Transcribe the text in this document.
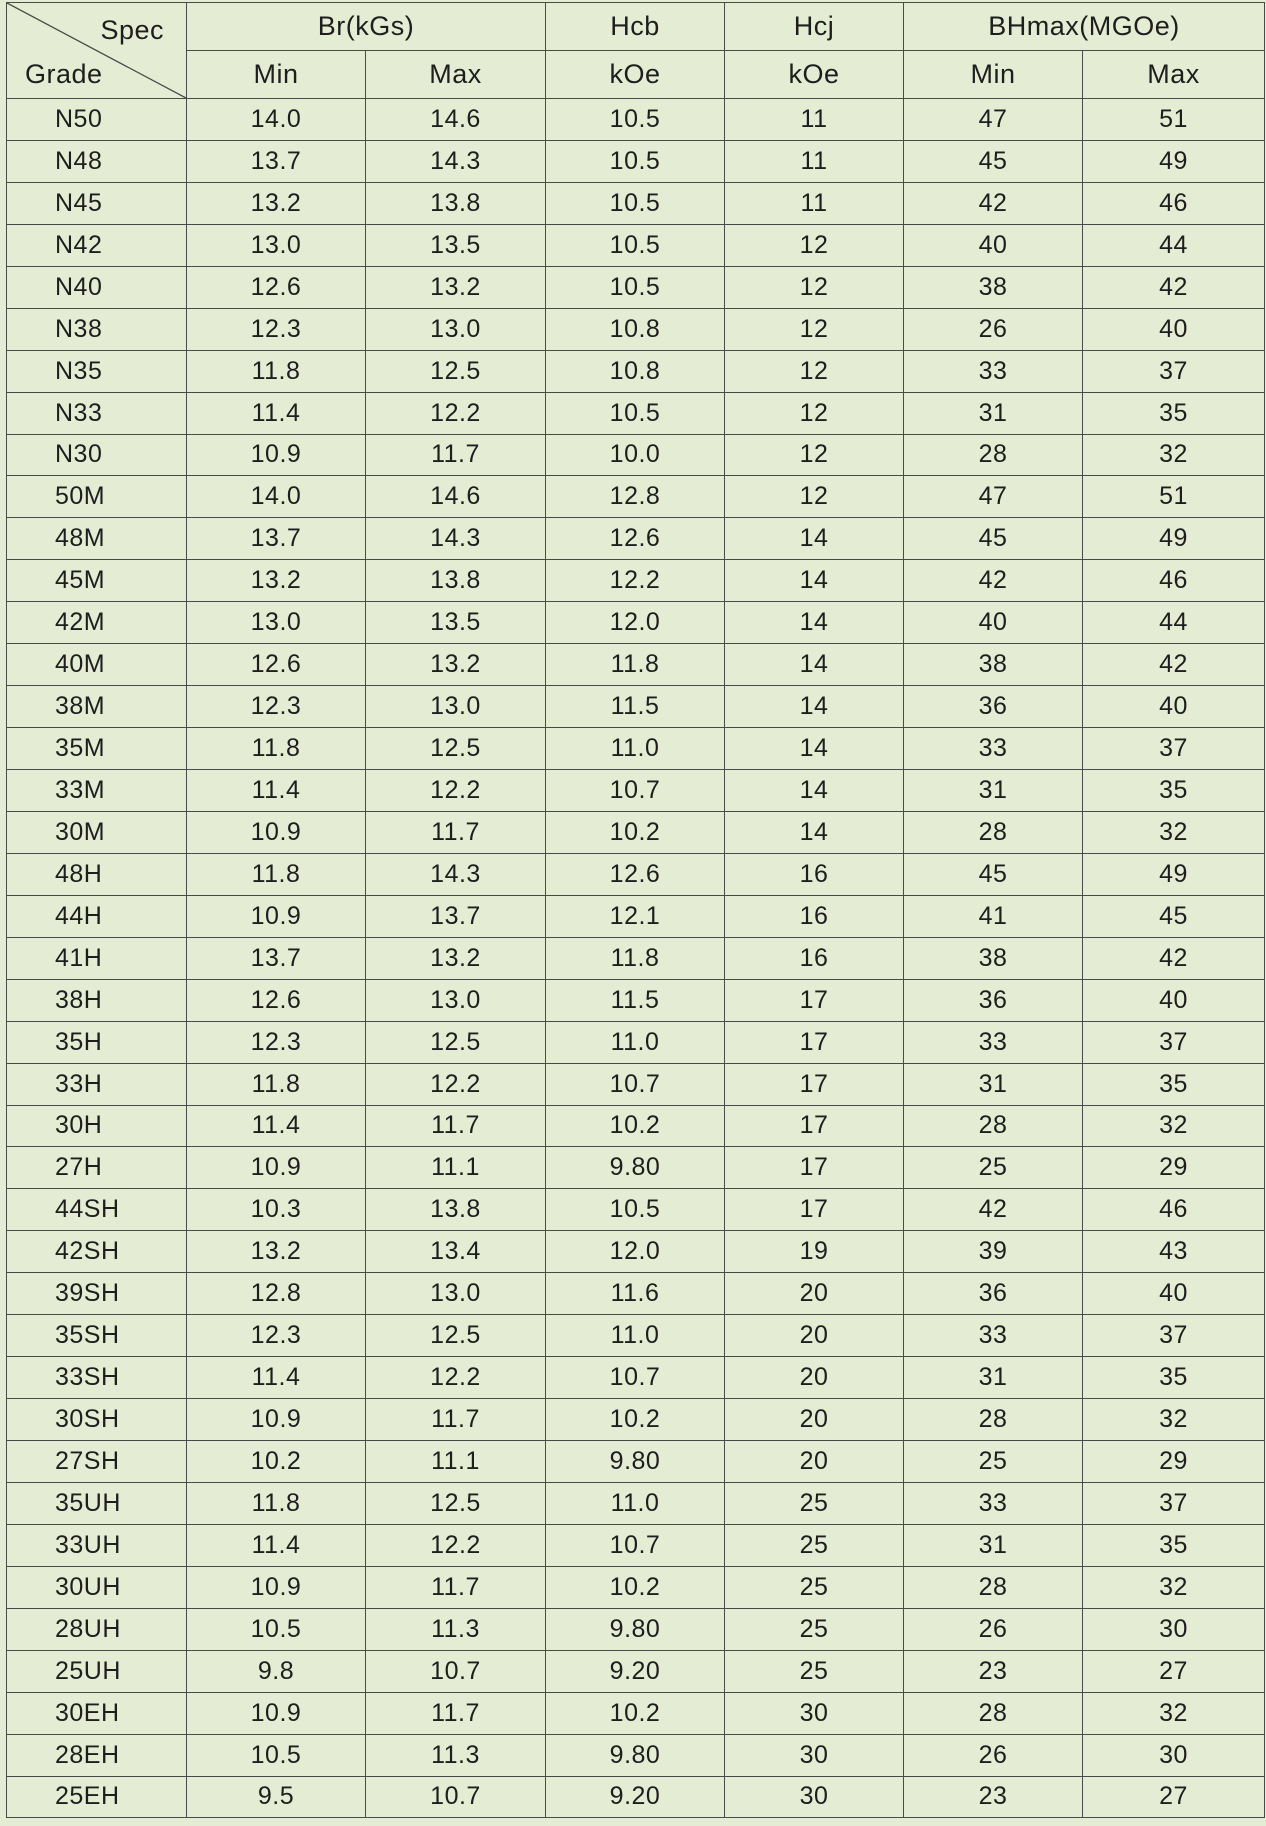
Spec
Grade	Br(kGs)		Hcb	Hcj	BHmax(MGOe)	
	Min	Max	kOe	kOe	Min	Max
N50	14.0	14.6	10.5	11	47	51
N48	13.7	14.3	10.5	11	45	49
N45	13.2	13.8	10.5	11	42	46
N42	13.0	13.5	10.5	12	40	44
N40	12.6	13.2	10.5	12	38	42
N38	12.3	13.0	10.8	12	26	40
N35	11.8	12.5	10.8	12	33	37
N33	11.4	12.2	10.5	12	31	35
N30	10.9	11.7	10.0	12	28	32
50M	14.0	14.6	12.8	12	47	51
48M	13.7	14.3	12.6	14	45	49
45M	13.2	13.8	12.2	14	42	46
42M	13.0	13.5	12.0	14	40	44
40M	12.6	13.2	11.8	14	38	42
38M	12.3	13.0	11.5	14	36	40
35M	11.8	12.5	11.0	14	33	37
33M	11.4	12.2	10.7	14	31	35
30M	10.9	11.7	10.2	14	28	32
48H	11.8	14.3	12.6	16	45	49
44H	10.9	13.7	12.1	16	41	45
41H	13.7	13.2	11.8	16	38	42
38H	12.6	13.0	11.5	17	36	40
35H	12.3	12.5	11.0	17	33	37
33H	11.8	12.2	10.7	17	31	35
30H	11.4	11.7	10.2	17	28	32
27H	10.9	11.1	9.80	17	25	29
44SH	10.3	13.8	10.5	17	42	46
42SH	13.2	13.4	12.0	19	39	43
39SH	12.8	13.0	11.6	20	36	40
35SH	12.3	12.5	11.0	20	33	37
33SH	11.4	12.2	10.7	20	31	35
30SH	10.9	11.7	10.2	20	28	32
27SH	10.2	11.1	9.80	20	25	29
35UH	11.8	12.5	11.0	25	33	37
33UH	11.4	12.2	10.7	25	31	35
30UH	10.9	11.7	10.2	25	28	32
28UH	10.5	11.3	9.80	25	26	30
25UH	9.8	10.7	9.20	25	23	27
30EH	10.9	11.7	10.2	30	28	32
28EH	10.5	11.3	9.80	30	26	30
25EH	9.5	10.7	9.20	30	23	27
